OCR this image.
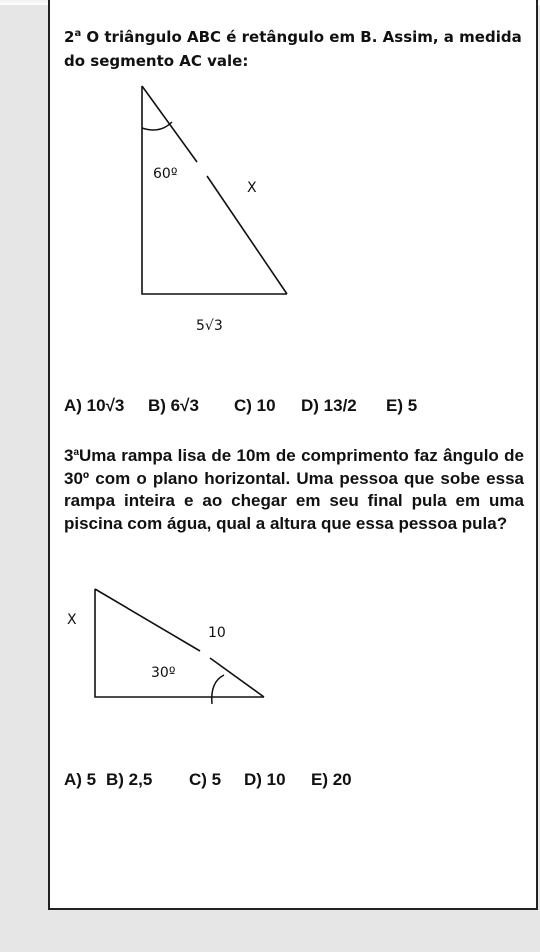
2$^a$ O triângulo ABC é retângulo em B. Assim, a medida do segmento AC vale:

60º
X
5√3
A) 10√3 B) 6√3 C) 10 D) 13/2 E) 5

3$^a$Uma rampa lisa de 10m de comprimento faz ângulo de 30º com o plano horizontal. Uma pessoa que sobe essa rampa inteira e ao chegar em seu final pula em uma piscina com água, qual a altura que essa pessoa pula?

X
10
30º
A) 5 B) 2,5 C) 5 D) 10 E) 20
